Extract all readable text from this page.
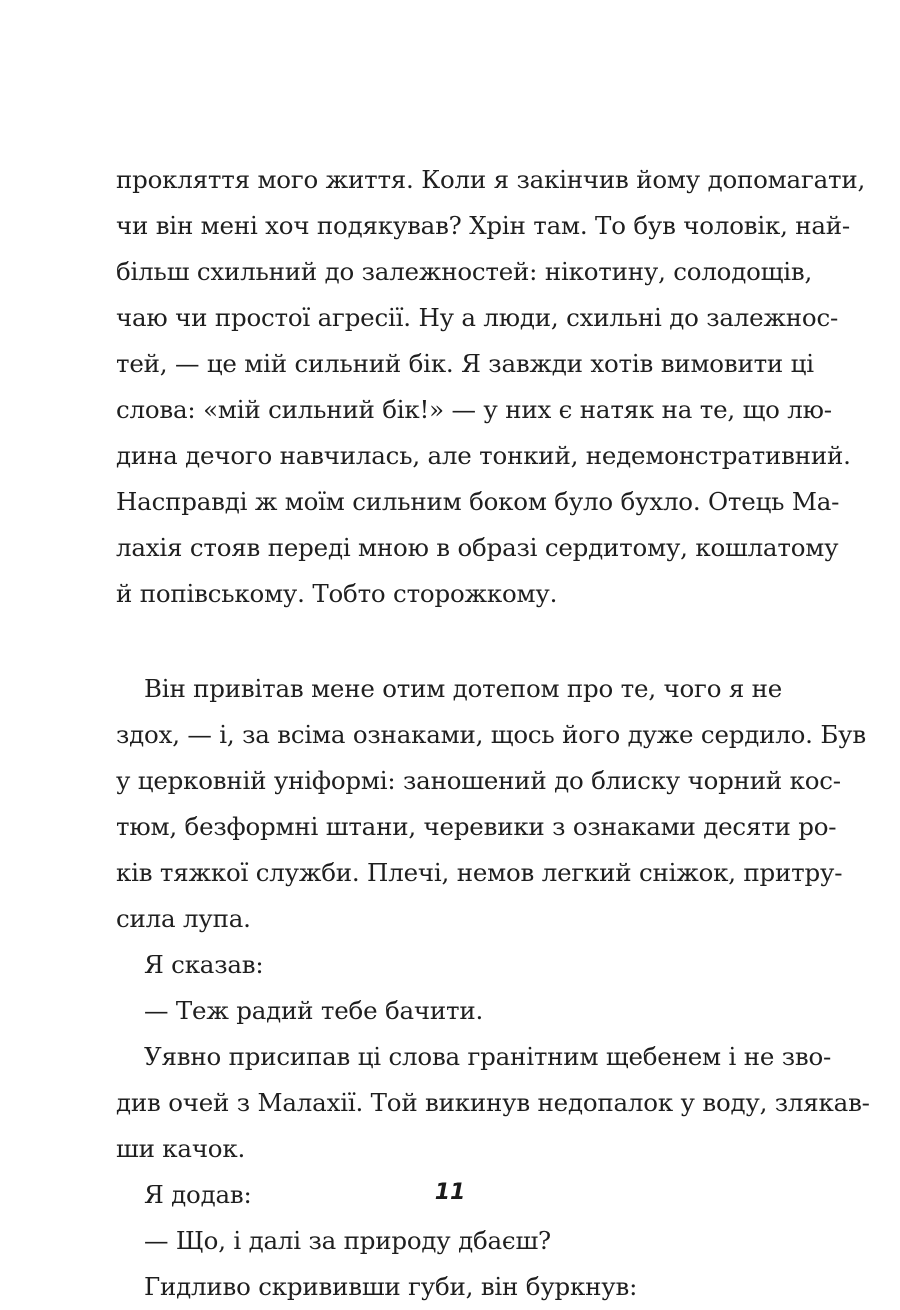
прокляття мого життя. Коли я закінчив йому допомагати,
чи він мені хоч подякував? Хрін там. То був чоловік, най-
більш схильний до залежностей: нікотину, солодощів,
чаю чи простої агресії. Ну а люди, схильні до залежнос-
тей, — це мій сильний бік. Я завжди хотів вимовити ці
слова: «мій сильний бік!» — у них є натяк на те, що лю-
дина дечого навчилась, але тонкий, недемонстративний.
Насправді ж моїм сильним боком було бухло. Отець Ма-
лахія стояв переді мною в образі сердитому, кошлатому
й попівському. Тобто сторожкому.
Він привітав мене отим дотепом про те, чого я не
здох, — і, за всіма ознаками, щось його дуже сердило. Був
у церковній уніформі: заношений до блиску чорний кос-
тюм, безформні штани, черевики з ознаками десяти ро-
ків тяжкої служби. Плечі, немов легкий сніжок, притру-
сила лупа.
Я сказав:
— Теж радий тебе бачити.
Уявно присипав ці слова гранітним щебенем і не зво-
див очей з Малахії. Той викинув недопалок у воду, злякав-
ши качок.
Я додав:
— Що, і далі за природу дбаєш?
Гидливо скрививши губи, він буркнув:
11
